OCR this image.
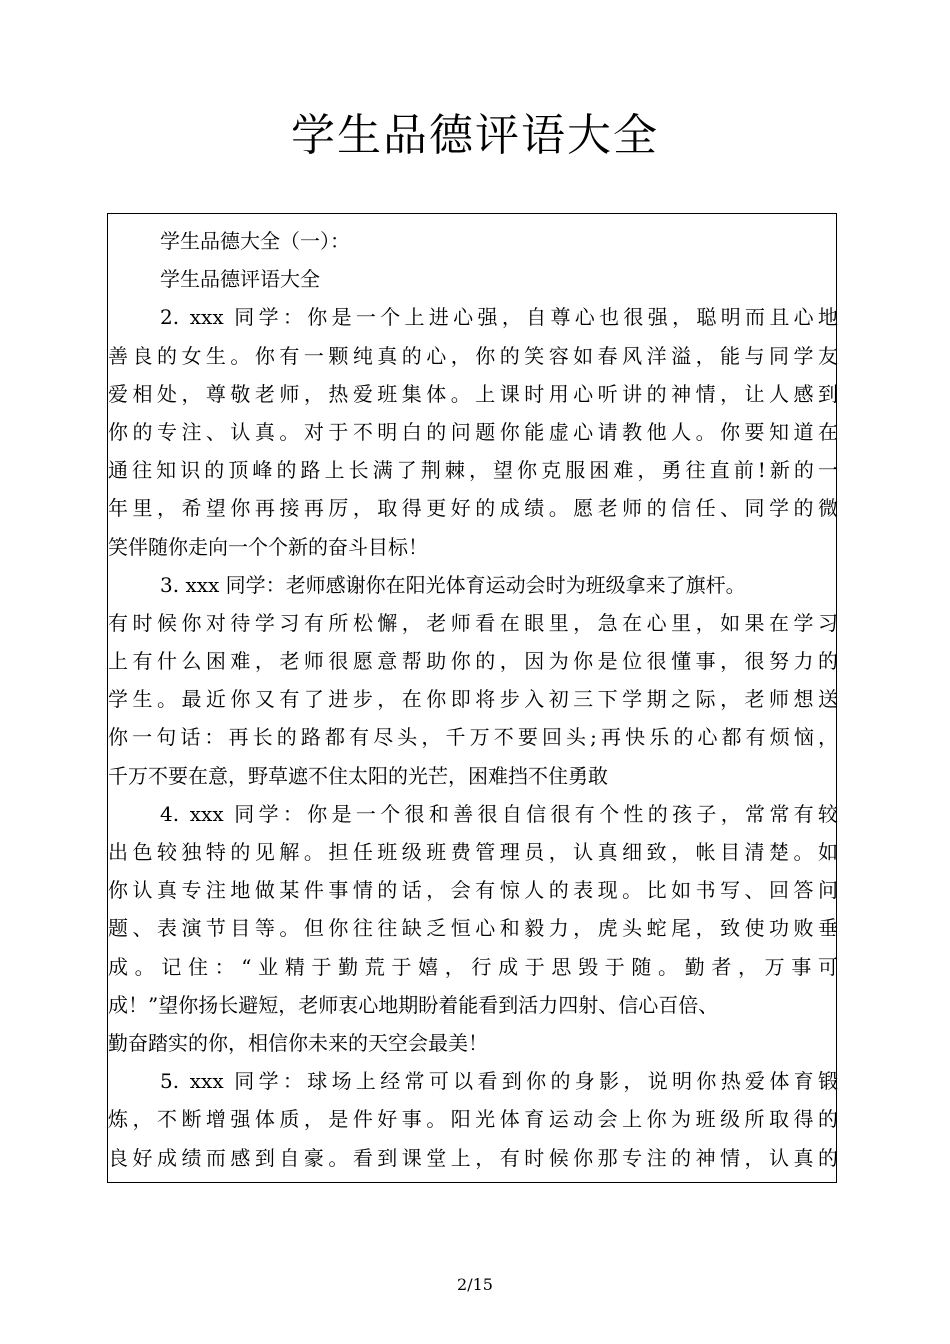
学生品德评语大全
学生品德大全（一）：
学生品德评语大全
2. xxx 同学：你是一个上进心强，自尊心也很强，聪明而且心地
善良的女生。你有一颗纯真的心，你的笑容如春风洋溢，能与同学友
爱相处，尊敬老师，热爱班集体。上课时用心听讲的神情，让人感到
你的专注、认真。对于不明白的问题你能虚心请教他人。你要知道在
通往知识的顶峰的路上长满了荆棘，望你克服困难，勇往直前!新的一
年里，希望你再接再厉，取得更好的成绩。愿老师的信任、同学的微
笑伴随你走向一个个新的奋斗目标！
3. xxx 同学：老师感谢你在阳光体育运动会时为班级拿来了旗杆。
有时候你对待学习有所松懈，老师看在眼里，急在心里，如果在学习
上有什么困难，老师很愿意帮助你的，因为你是位很懂事，很努力的
学生。最近你又有了进步，在你即将步入初三下学期之际，老师想送
你一句话：再长的路都有尽头，千万不要回头;再快乐的心都有烦恼，
千万不要在意，野草遮不住太阳的光芒，困难挡不住勇敢
4. xxx 同学：你是一个很和善很自信很有个性的孩子，常常有较
出色较独特的见解。担任班级班费管理员，认真细致，帐目清楚。如
你认真专注地做某件事情的话，会有惊人的表现。比如书写、回答问
题、表演节目等。但你往往缺乏恒心和毅力，虎头蛇尾，致使功败垂
成。记住：“业精于勤荒于嬉，行成于思毁于随。勤者，万事可
成！”望你扬长避短，老师衷心地期盼着能看到活力四射、信心百倍、
勤奋踏实的你，相信你未来的天空会最美！
5. xxx 同学：球场上经常可以看到你的身影，说明你热爱体育锻
炼，不断增强体质，是件好事。阳光体育运动会上你为班级所取得的
良好成绩而感到自豪。看到课堂上，有时候你那专注的神情，认真的
2/15
